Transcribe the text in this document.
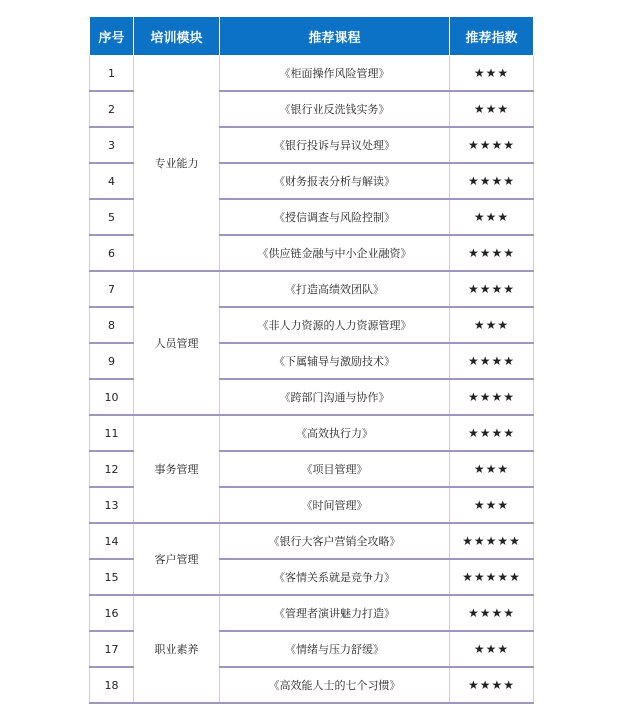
序号	培训模块	推荐课程	推荐指数
1	专业能力	《柜面操作风险管理》	★★★
2		《银行业反洗钱实务》	★★★
3		《银行投诉与异议处理》	★★★★
4		《财务报表分析与解读》	★★★★
5		《授信调查与风险控制》	★★★
6		《供应链金融与中小企业融资》	★★★★
7	人员管理	《打造高绩效团队》	★★★★
8		《非人力资源的人力资源管理》	★★★
9		《下属辅导与激励技术》	★★★★
10		《跨部门沟通与协作》	★★★★
11	事务管理	《高效执行力》	★★★★
12		《项目管理》	★★★
13		《时间管理》	★★★
14	客户管理	《银行大客户营销全攻略》	★★★★★
15		《客情关系就是竞争力》	★★★★★
16	职业素养	《管理者演讲魅力打造》	★★★★
17		《情绪与压力舒缓》	★★★
18		《高效能人士的七个习惯》	★★★★
